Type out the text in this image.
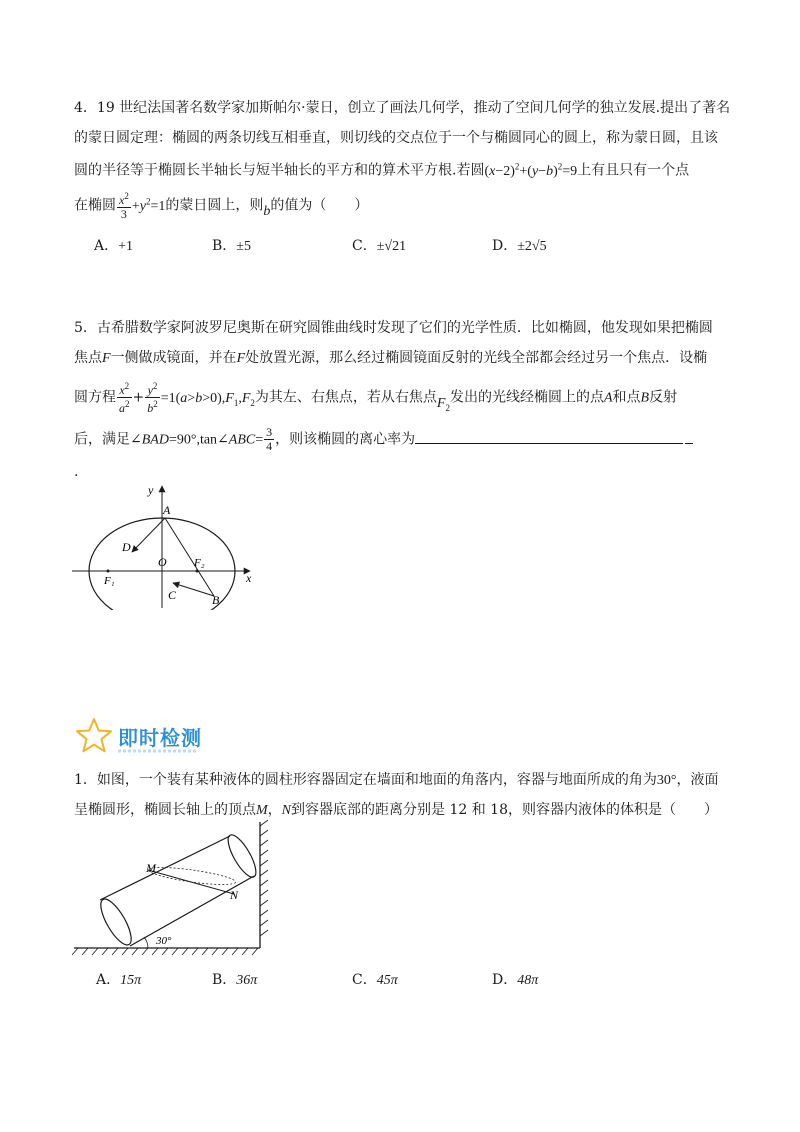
4．19 世纪法国著名数学家加斯帕尔·蒙日，创立了画法几何学，推动了空间几何学的独立发展.提出了著名
的蒙日圆定理：椭圆的两条切线互相垂直，则切线的交点位于一个与椭圆同心的圆上，称为蒙日圆，且该
圆的半径等于椭圆长半轴长与短半轴长的平方和的算术平方根.若圆$(x-2)^2+(y-b)^2=9$上有且只有一个点
在椭圆 $\frac{x^2}{3} +y^2=1$的蒙日圆上，则b的值为（　　）
A．+1	B．±5	C．±√21	D．±2√5
5．古希腊数学家阿波罗尼奥斯在研究圆锥曲线时发现了它们的光学性质．比如椭圆，他发现如果把椭圆
焦点F一侧做成镜面，并在F处放置光源，那么经过椭圆镜面反射的光线全部都会经过另一个焦点．设椭
圆方程 $\frac{x^2}{a^2} + \frac{y^2}{b^2} =1(a>b>0),F_1,F_2$为其左、右焦点，若从右焦点$F_2$发出的光线经椭圆上的点A和点B反射
后，满足∠BAD=90°,tan∠ABC= $\frac{3}{4}$ ，则该椭圆的离心率为
.
y
x
A
B
C
D
O
F₁
F₂
即时检测
1．如图，一个装有某种液体的圆柱形容器固定在墙面和地面的角落内，容器与地面所成的角为30°，液面
呈椭圆形，椭圆长轴上的顶点M，N到容器底部的距离分别是 12 和 18，则容器内液体的体积是（　　）
M
N
30°
A．15π	B．36π	C．45π	D．48π
